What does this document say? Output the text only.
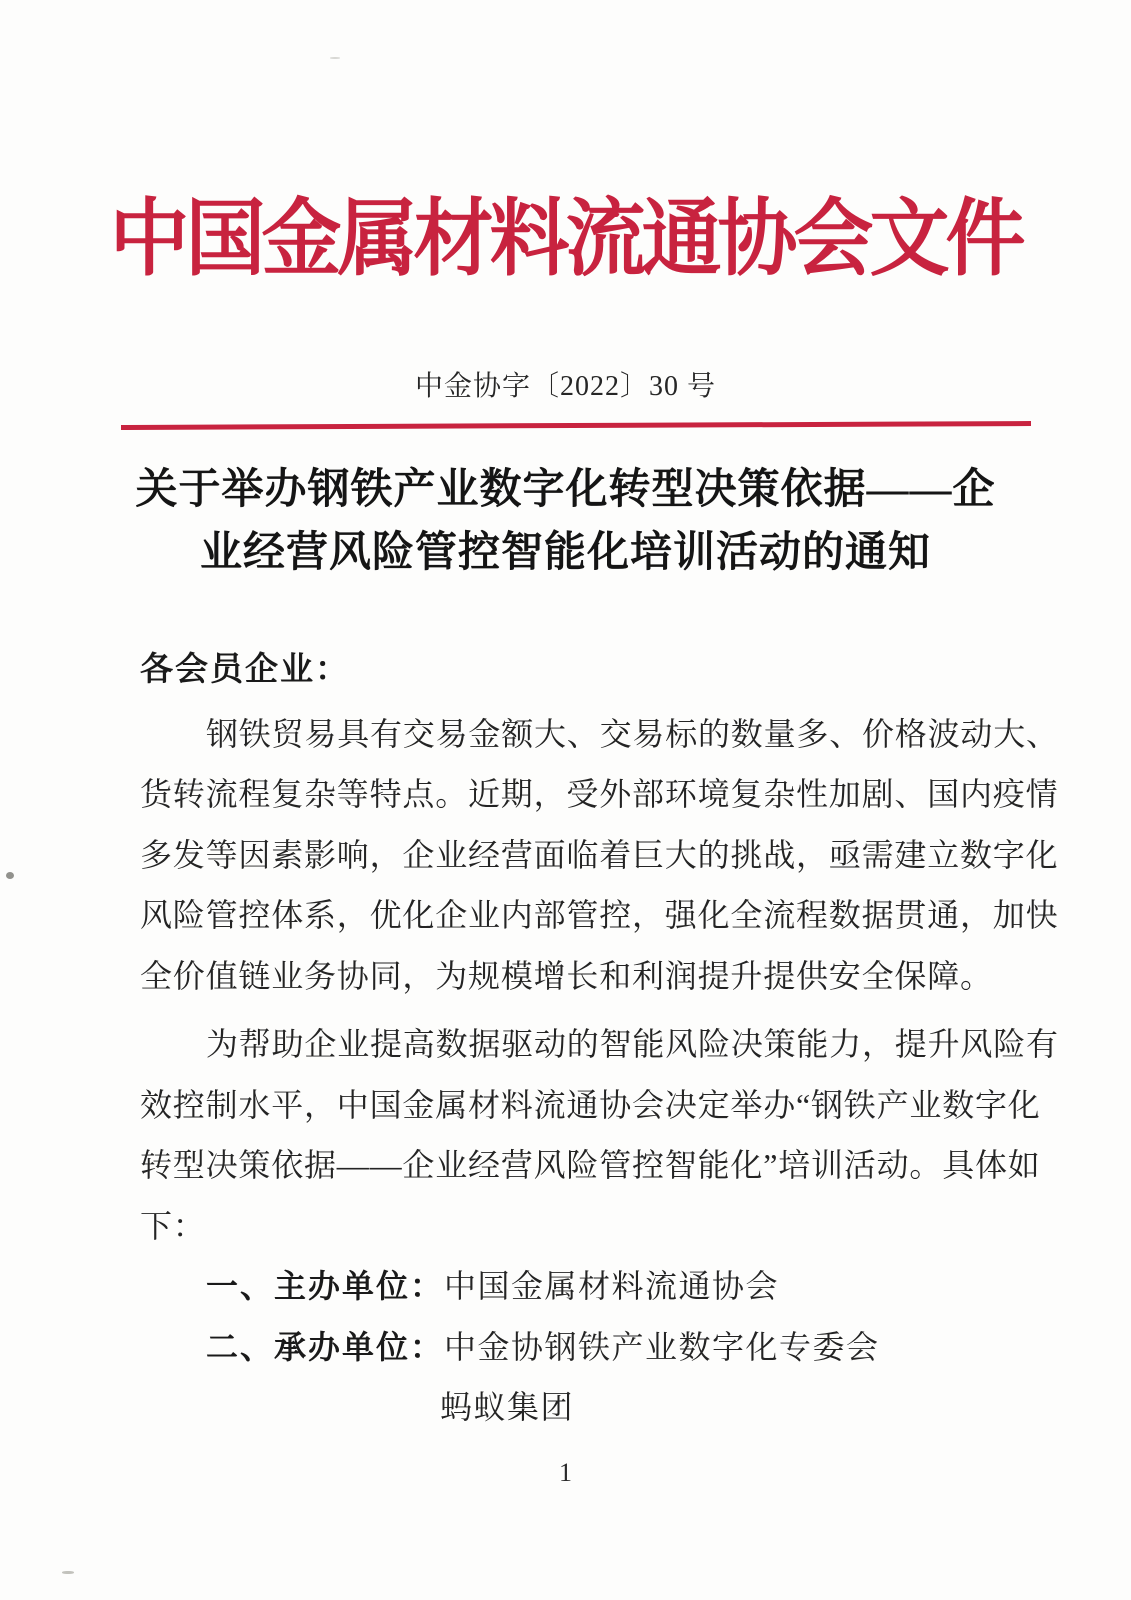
中国金属材料流通协会文件
中金协字〔2022〕30 号
关于举办钢铁产业数字化转型决策依据——企
业经营风险管控智能化培训活动的通知
各会员企业：
钢铁贸易具有交易金额大、交易标的数量多、价格波动大、
货转流程复杂等特点。近期，受外部环境复杂性加剧、国内疫情
多发等因素影响，企业经营面临着巨大的挑战，亟需建立数字化
风险管控体系，优化企业内部管控，强化全流程数据贯通，加快
全价值链业务协同，为规模增长和利润提升提供安全保障。
为帮助企业提高数据驱动的智能风险决策能力，提升风险有
效控制水平，中国金属材料流通协会决定举办“钢铁产业数字化
转型决策依据——企业经营风险管控智能化”培训活动。具体如
下：
一、主办单位： 中国金属材料流通协会
二、承办单位： 中金协钢铁产业数字化专委会
蚂蚁集团
1
